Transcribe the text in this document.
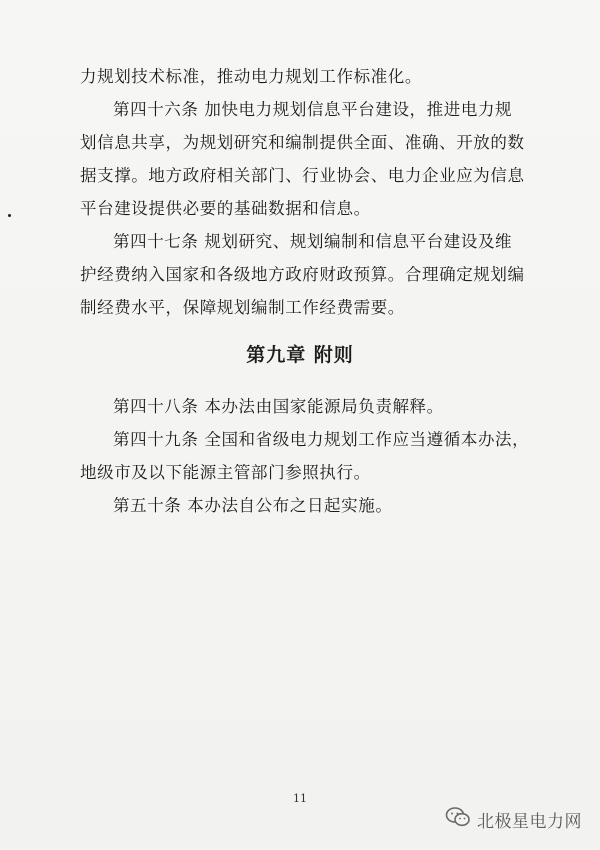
力规划技术标准，推动电力规划工作标准化。
第四十六条 加快电力规划信息平台建设，推进电力规
划信息共享，为规划研究和编制提供全面、准确、开放的数
据支撑。地方政府相关部门、行业协会、电力企业应为信息
平台建设提供必要的基础数据和信息。
第四十七条 规划研究、规划编制和信息平台建设及维
护经费纳入国家和各级地方政府财政预算。合理确定规划编
制经费水平，保障规划编制工作经费需要。
第九章 附则
第四十八条 本办法由国家能源局负责解释。
第四十九条 全国和省级电力规划工作应当遵循本办法，
地级市及以下能源主管部门参照执行。
第五十条 本办法自公布之日起实施。
11
北极星电力网
